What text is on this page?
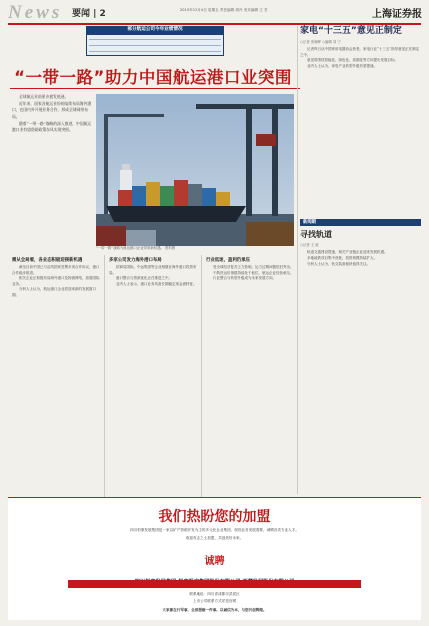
News 要闻 | 2	2015年12月4日 星期五 责任编辑 周丹 美术编辑 王 芳	上海证券报
部分航运公司今年业绩情况
“一带一路”助力中国航运港口业突围

全球航运业前景亦愈发低迷。

近年来，国家各航运业纷纷陆续布局海外港口，在国内外开展业务合作，形成全球网络布局。

随着“一带一路”战略的深入推进，中国航运港口业有望借助政策东风实现突围。

“一带一路”战略为航运港口企业带来新机遇。 资料图
需从全局看，各业态积极迎接新机遇

截至目前中国已与沿线国家签署多项合作协议，港口合作稳步推进。

相关企业正积极布局海外港口及物流网络，拓展国际业务。

分析人士认为，航运港口企业将迎来新的发展窗口期。

多家公司发力海外港口布局

招商局国际、中远集团等企业相继在海外港口投资布局。

港口整合与资源优化正在推进之中。

业内人士表示，港口业务具备长期稳定现金流特征。

行业低迷，盈利仍承压

受全球经济复苏乏力影响，运力过剩问题依旧突出。

干散货运价指数持续处于低位，航运企业经营承压。

行业整合与转型升级成为未来发展方向。

家电“十三五”意见正制定
○记者 张晓晖 ○编辑 刘 宁

记者昨日从中国家用电器协会获悉，家电行业“十三五”指导意见正在制定之中。

意见将围绕智能化、绿色化、高端化等方向提出发展目标。

业内人士认为，家电产业转型升级有望提速。

新闻眼
寻找轨道
○记者 王 政

轨道交通建设提速，相关产业链企业迎来发展机遇。

多地地铁项目集中获批，投资规模持续扩大。

分析人士认为，轨交装备板块值得关注。

我们热盼您的加盟
四川恒康发展集团是一家以矿产资源开发为主的多元化企业集团，现因业务发展需要，诚聘各类专业人才。
欢迎有志之士加盟，共创美好未来。
诚聘
联系地址：四川省成都市武侯区
上市公司联系方式详见官网
大家都在行军事，全部想做一件事。以诚信为本，与您共创辉煌。
